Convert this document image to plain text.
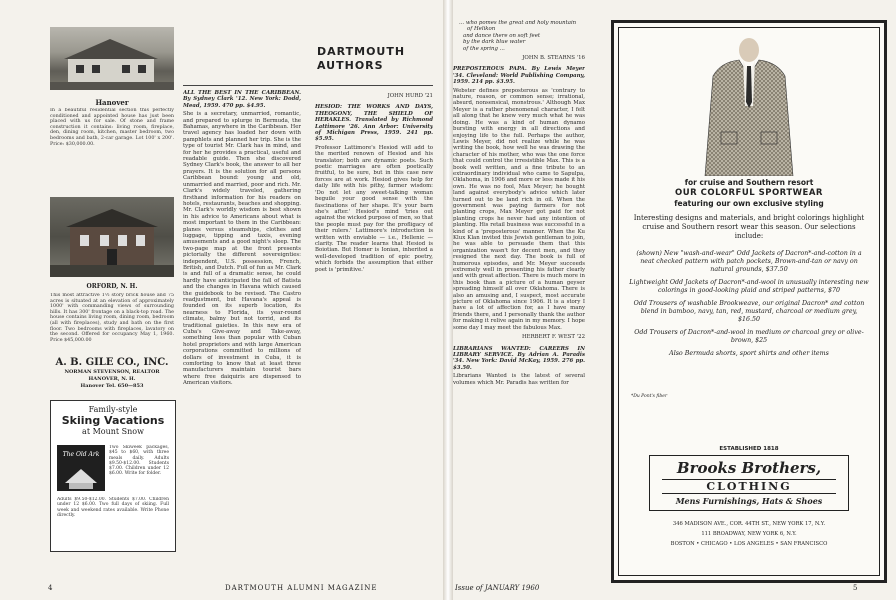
Hanover
In a beautiful residential section this perfectly conditioned and appointed house has just been placed with us for sale. Of stone and frame construction it contains: living room, fireplace, den, dining room, kitchen, master bedroom, two bedrooms and bath, 2-car garage. Lot 100' x 200'. Price: $30,000.00.
ORFORD, N. H.
This most attractive 1½ story brick house and 75 acres is situated at an elevation of approximately 1000' with commanding views of surrounding hills. It has 300' frontage on a black-top road. The house contains living room, dining room, bedroom (all with fireplaces), study and bath on the first floor. Two bedrooms with fireplaces, lavatory on the second. Offered for occupancy May 1, 1960. Price $45,000.00
A. B. GILE CO., INC.
NORMAN STEVENSON, REALTOR
HANOVER, N. H.
Hanover Tel. 650—853
Family-style
Skiing Vacations
at Mount Snow
The Old Ark
Two Skiweek packages, $45 to $60, with three meals daily. Adults $9.50-$12.00. Students $7.00. Children under 12 $6.00. Write for folder.
Adults $9.50-$12.00. Students $7.00. Children under 12 $6.00. Two full days of skiing. Full week and weekend rates available. Write Phone directly.
DARTMOUTH
AUTHORS

ALL THE BEST IN THE CARIBBEAN. By Sydney Clark '12. New York: Dodd, Mead, 1959. 470 pp. $4.95.

She is a secretary, unmarried, romantic, and prepared to splurge in Bermuda, the Bahamas, anywhere in the Caribbean. Her travel agency has loaded her down with pamphlets and planned her trip. She is the type of tourist Mr. Clark has in mind, and for her he provides a practical, useful and readable guide. Then she discovered Sydney Clark's book, the answer to all her prayers. It is the solution for all persons Caribbean bound: young and old, unmarried and married, poor and rich. Mr. Clark's widely traveled, gathering firsthand information for his readers on hotels, restaurants, beaches and shopping. Mr. Clark's worldly wisdom is best shown in his advice to Americans about what is most important to them in the Caribbean: planes versus steamships, clothes and luggage, tipping and taxis, evening amusements and a good night's sleep. The two-page map at the front presents pictorially the different sovereignties: independent, U.S. possession, French, British, and Dutch. Full of fun as Mr. Clark is and full of a dramatic sense, he could hardly have anticipated the fall of Batista and the changes in Havana which caused the guidebook to be revised. The Castro readjustment, but Havana's appeal is founded on its superb location, its nearness to Florida, its year-round climate, balmy but not torrid, and its traditional gaieties. In this new era of Cuba's Give-away and Take-away, something less than popular with Cuban hotel proprietors and with large American corporations committed to millions of dollars of investment in Cuba, it is comforting to know that at least three manufacturers maintain tourist bars where free daiquiris are dispensed to American visitors.

JOHN HURD '21

HESIOD: THE WORKS AND DAYS, THEOGONY, THE SHIELD OF HERAKLES. Translated by Richmond Lattimore '26. Ann Arbor: University of Michigan Press, 1959. 241 pp. $5.95.

Professor Lattimore's Hesiod will add to the merited renown of Hesiod and his translator; both are dynamic poets. Such poetic marriages are often poetically fruitful, to be sure, but in this case new forces are at work. Hesiod gives help for daily life with his pithy, farmer wisdom: 'Do not let any sweet-talking woman beguile your good sense with the fascinations of her shape. It's your barn she's after.' Hesiod's mind 'tries out against the wicked purpose of men, so that the people must pay for the profligacy of their rulers.' Lattimore's introduction is written with enviable — i.e., Hellenic — clarity. The reader learns that Hesiod is Boiotian. But Homer is Ionian, inherited a well-developed tradition of epic poetry, which forbids the assumption that either poet is 'primitive.'

4	DARTMOUTH ALUMNI MAGAZINE
... who pomes the great and holy mountain
of Helikon
and dance there on soft feet
by the dark blue water
of the spring ...

JOHN B. STEARNS '16

PREPOSTEROUS PAPA. By Lewis Meyer '34. Cleveland: World Publishing Company, 1959. 214 pp. $3.95.

Webster defines preposterous as 'contrary to nature, reason, or common sense; irrational, absurd, nonsensical, monstrous.' Although Max Meyer is a rather phenomenal character, I felt all along that he knew very much what he was doing. He was a kind of human dynamo bursting with energy in all directions and enjoying life to the full. Perhaps the author, Lewis Meyer, did not realize while he was writing the book, how well he was drawing the character of his mother, who was the one force that could control the irresistible Max. This is a book well written, and a fine tribute to an extraordinary individual who came to Sapulpa, Oklahoma, in 1906 and more or less made it his own. He was no fool, Max Meyer; he bought land against everybody's advice which later turned out to be land rich in oil. When the government was paying farmers for not planting crops, Max Meyer got paid for not planting crops he never had any intention of planting. His retail business was successful in a kind of a 'preposterous' manner. When the Ku Klux Klan invited this Jewish gentleman to join, he was able to persuade them that this organization wasn't for decent men, and they resigned the next day. The book is full of humorous episodes, and Mr. Meyer succeeds extremely well in presenting his father clearly and with great affection. There is much more in this book than a picture of a human geyser spreading himself all over Oklahoma. There is also an amusing and, I suspect, most accurate picture of Oklahoma since 1906. It is a story I have a lot of affection for, as I have many friends there, and I personally thank the author for making it relive again in my memory. I hope some day I may meet the fabulous Max.

HERBERT F. WEST '22

LIBRARIANS WANTED: CAREERS IN LIBRARY SERVICE. By Adrian A. Paradis '34. New York: David McKay, 1959. 276 pp. $3.50.

Librarians Wanted is the latest of several volumes which Mr. Paradis has written for

for cruise and Southern resort
OUR COLORFUL SPORTWEAR
featuring our own exclusive styling
Interesting designs and materials, and bright colorings highlight cruise and Southern resort wear this season. Our selections include:
(shown) New "wash-and-wear" Odd Jackets of Dacron*-and-cotton in a neat checked pattern with patch pockets, Brown-and-tan or navy on natural grounds, $37.50
Lightweight Odd Jackets of Dacron*-and-wool in unusually interesting new colorings in good-looking plaid and striped patterns, $70
Odd Trousers of washable Brookweave, our original Dacron* and cotton blend in bamboo, navy, tan, red, mustard, charcoal or medium grey, $16.50
Odd Trousers of Dacron*-and-wool in medium or charcoal grey or olive-brown, $25
Also Bermuda shorts, sport shirts and other items
*Du Pont's fiber
ESTABLISHED 1818
Brooks Brothers,
CLOTHING
Mens Furnishings, Hats & Shoes
346 MADISON AVE., COR. 44TH ST., NEW YORK 17, N.Y.
111 BROADWAY, NEW YORK 6, N.Y.
BOSTON • CHICAGO • LOS ANGELES • SAN FRANCISCO
Issue of JANUARY 1960	5
